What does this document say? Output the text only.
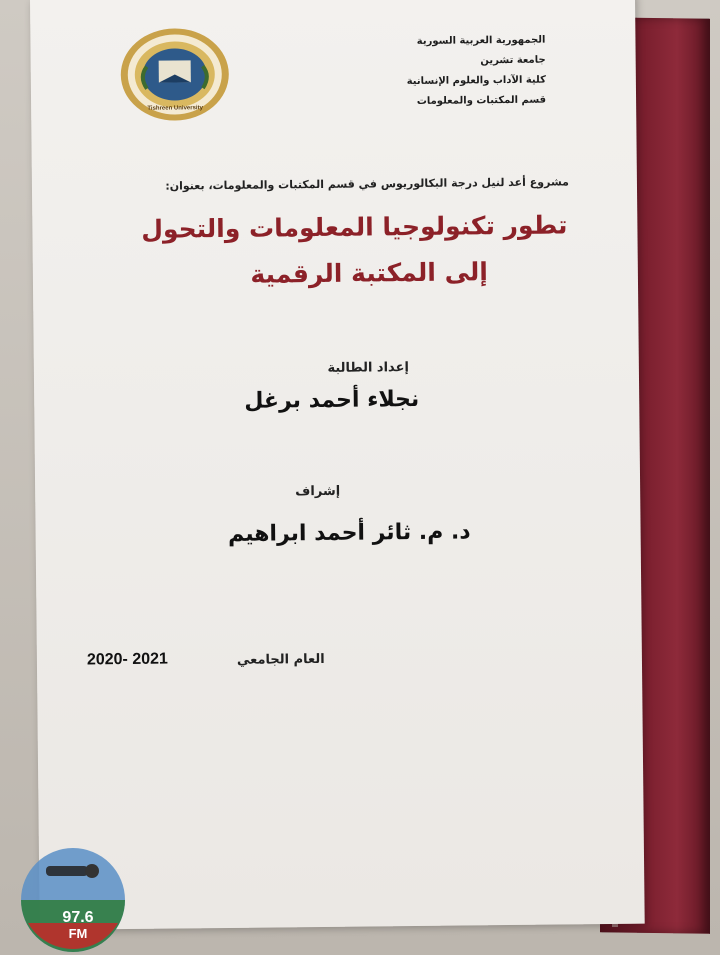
Tishreen University
الجمهورية العربية السورية
جامعة تشرين
كلية الآداب والعلوم الإنسانية
قسم المكتبات والمعلومات
مشروع أعد لنيل درجة البكالوريوس في قسم المكتبات والمعلومات، بعنوان:
تطور تكنولوجيا المعلومات والتحول
إلى المكتبة الرقمية
إعداد الطالبة
نجلاء أحمد برغل
إشراف
د. م. ثائر أحمد ابراهيم
العام الجامعي
2020- 2021
97.6
FM
